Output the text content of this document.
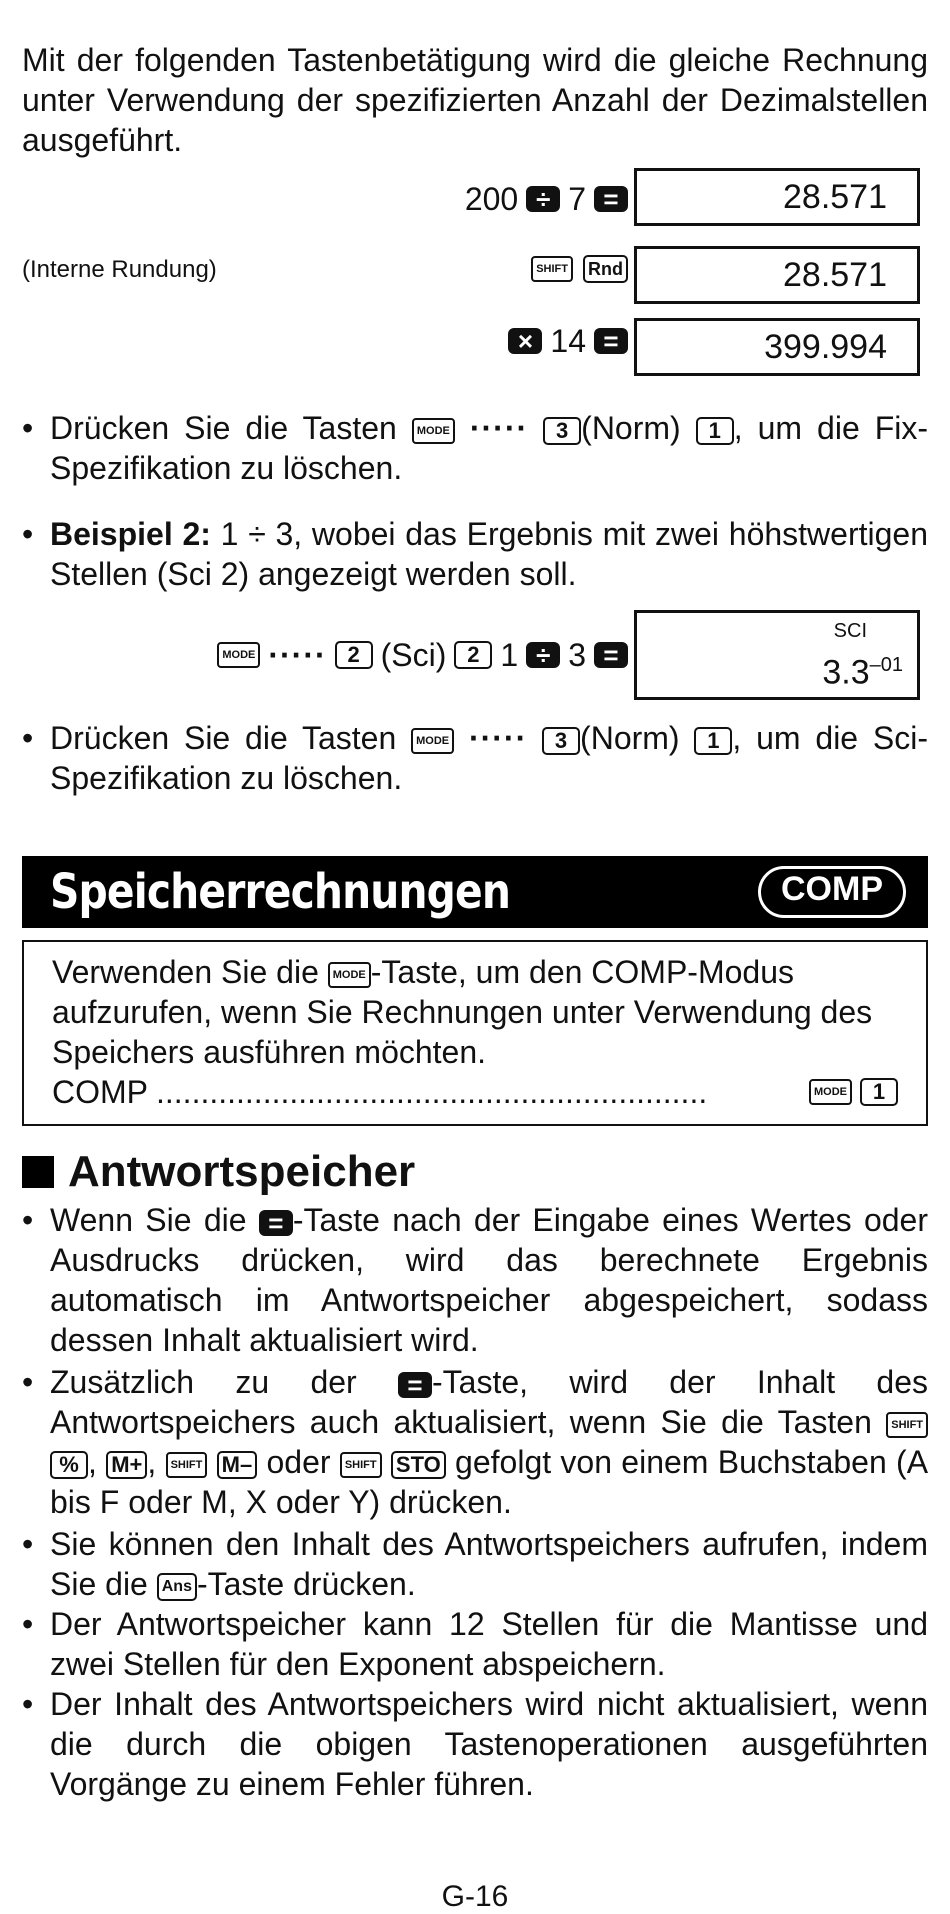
Mit der folgenden Tastenbetätigung wird die gleiche Rechnung unter Verwendung der spezifizierten Anzahl der Dezimalstellen ausgeführt.

200 ÷ 7 =	28.571
(Interne Rundung)	SHIFT Rnd	28.571
× 14 =	399.994
• Drücken Sie die Tasten MODE ····· 3 (Norm) 1 , um die Fix-Spezifikation zu löschen.
• Beispiel 2: 1 ÷ 3, wobei das Ergebnis mit zwei höhstwertigen Stellen (Sci 2) angezeigt werden soll.
MODE ····· 2 (Sci) 2 1 ÷ 3 =
SCI
$3.3^{-01}$
• Drücken Sie die Tasten MODE ····· 3 (Norm) 1 , um die Sci-Spezifikation zu löschen.
Speicherrechnungen	COMP
Verwenden Sie die MODE -Taste, um den COMP-Modus aufzurufen, wenn Sie Rechnungen unter Verwendung des Speichers ausführen möchten.
COMP ..............................................................	MODE	1
Antwortspeicher
• Wenn Sie die = -Taste nach der Eingabe eines Wertes oder Ausdrucks drücken, wird das berechnete Ergebnis automatisch im Antwortspeicher abgespeichert, sodass dessen Inhalt aktualisiert wird.
• Zusätzlich zu der = -Taste, wird der Inhalt des Antwortspeichers auch aktualisiert, wenn Sie die Tasten SHIFT % , M+ , SHIFT M– oder SHIFT STO gefolgt von einem Buchstaben (A bis F oder M, X oder Y) drücken.
• Sie können den Inhalt des Antwortspeichers aufrufen, indem Sie die Ans -Taste drücken.
• Der Antwortspeicher kann 12 Stellen für die Mantisse und zwei Stellen für den Exponent abspeichern.
• Der Inhalt des Antwortspeichers wird nicht aktualisiert, wenn die durch die obigen Tastenoperationen ausgeführten Vorgänge zu einem Fehler führen.
G-16
